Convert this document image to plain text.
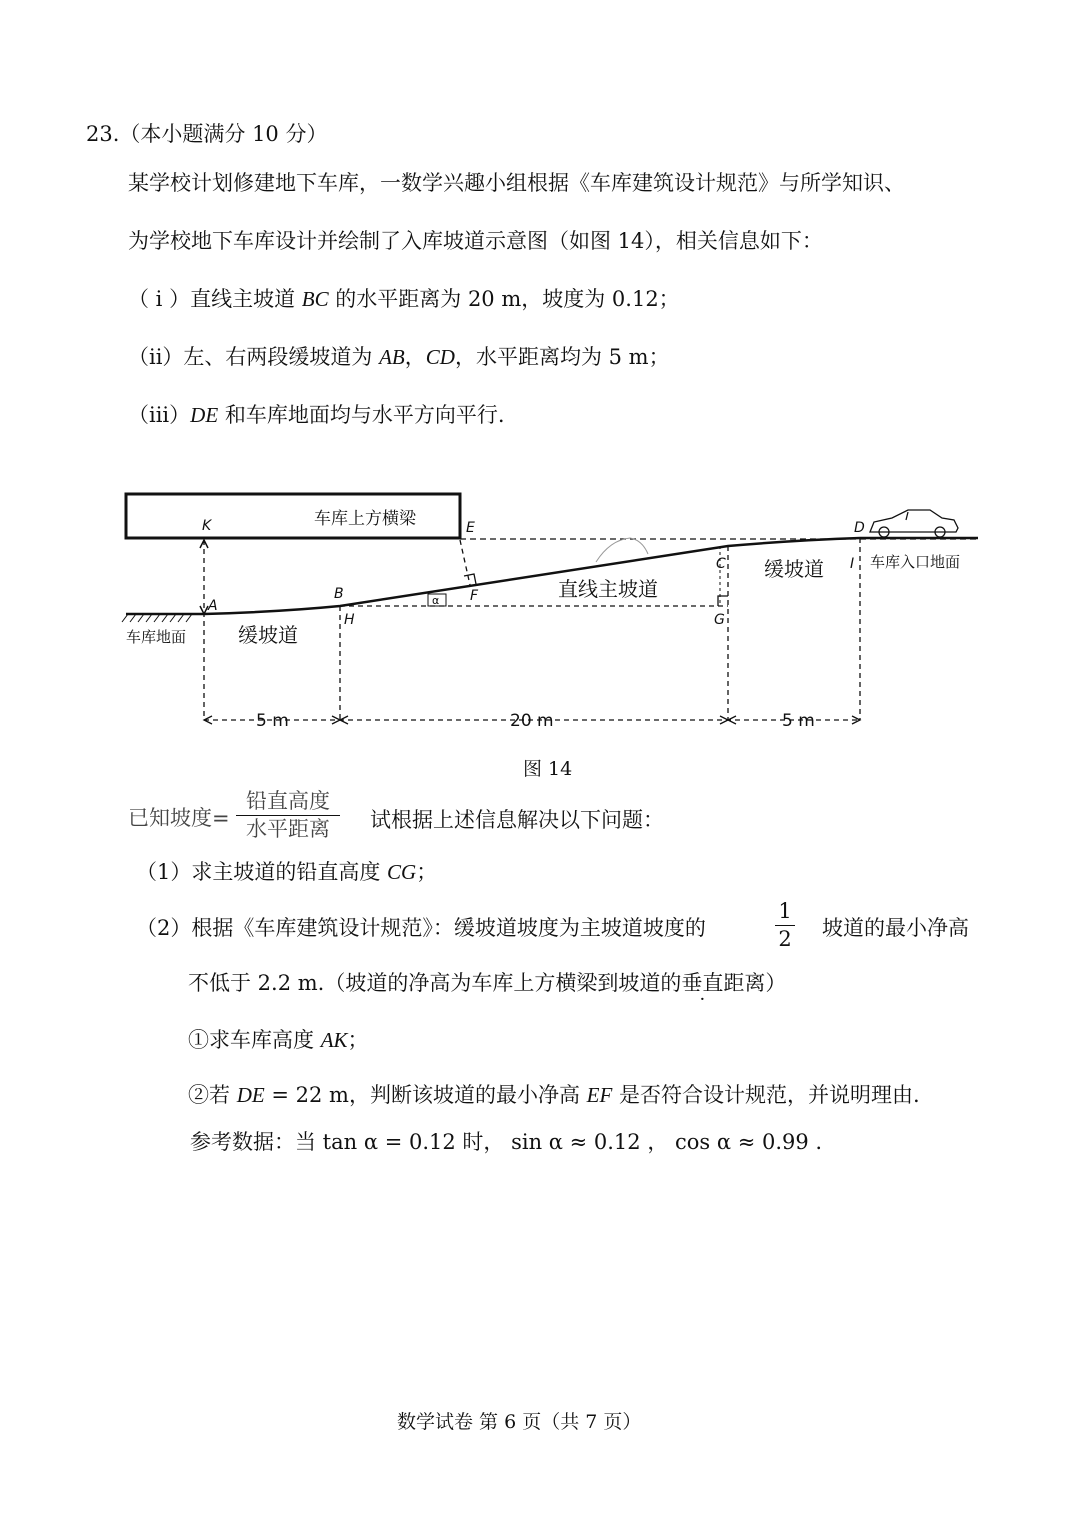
23.（本小题满分 10 分）
某学校计划修建地下车库，一数学兴趣小组根据《车库建筑设计规范》与所学知识、
为学校地下车库设计并绘制了入库坡道示意图（如图 14），相关信息如下：
（ i ）直线主坡道 BC 的水平距离为 20 m，坡度为 0.12；
（ii）左、右两段缓坡道为 AB，CD，水平距离均为 5 m；
（iii）DE 和车库地面均与水平方向平行.
车库上方横梁
直线主坡道
缓坡道
缓坡道
车库地面
车库入口地面
5 m	20 m	5 m
α
K	E	D
C	I
B
A
H
F
G
图 14
已知坡度=
铅直高度
水平距离	试根据上述信息解决以下问题：
（1）求主坡道的铅直高度 CG；
（2）根据《车库建筑设计规范》：缓坡道坡度为主坡道坡度的
1
2 坡道的最小净高
不低于 2.2 m.（坡道的净高为车库上方横梁到坡道的垂直距离）
①求车库高度 AK；
②若 DE = 22 m，判断该坡道的最小净高 EF 是否符合设计规范，并说明理由.
参考数据：当 tan α = 0.12 时， sin α ≈ 0.12 ， cos α ≈ 0.99 .
数学试卷 第 6 页（共 7 页）
